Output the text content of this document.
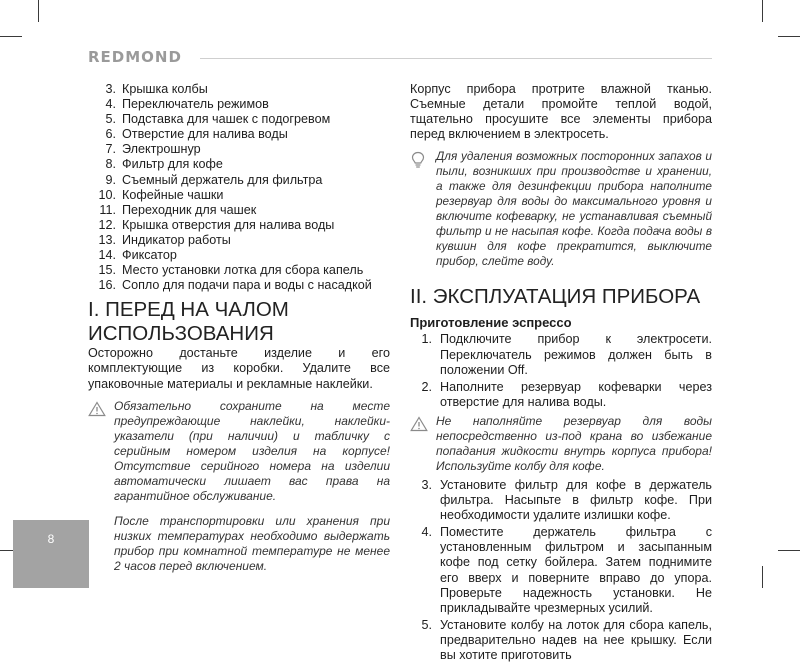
REDMOND
3. Крышка колбы
4. Переключатель режимов
5. Подставка для чашек с подогревом
6. Отверстие для налива воды
7. Электрошнур
8. Фильтр для кофе
9. Съемный держатель для фильтра
10. Кофейные чашки
11. Переходник для чашек
12. Крышка отверстия для налива воды
13. Индикатор работы
14. Фиксатор
15. Место установки лотка для сбора капель
16. Сопло для подачи пара и воды с насадкой
I. ПЕРЕД НА ЧАЛОМ
ИСПОЛЬЗОВАНИЯ
Осторожно достаньте изделие и его комплектующие из коробки. Удалите все упаковочные материалы и рекламные наклейки.

Обязательно сохраните на месте предупреждающие наклейки, наклейки-указатели (при наличии) и табличку с серийным номером изделия на корпусе! Отсутствие серийного номера на изделии автоматически лишает вас права на гарантийное обслуживание.

После транспортировки или хранения при низких температурах необходимо выдержать прибор при комнатной температуре не менее 2 часов перед включением.

Корпус прибора протрите влажной тканью. Съемные детали промойте теплой водой, тщательно просушите все элементы прибора перед включением в электросеть.
Для удаления возможных посторонних запахов и пыли, возникших при производстве и хранении, а также для дезинфекции прибора наполните резервуар для воды до максимального уровня и включите кофеварку, не устанавливая съемный фильтр и не насыпая кофе. Когда подача воды в кувшин для кофе прекратится, выключите прибор, слейте воду.
II. ЭКСПЛУАТАЦИЯ ПРИБОРА
Приготовление эспрессо
1. Подключите прибор к электросети. Переключатель режимов должен быть в положении Off.
2. Наполните резервуар кофеварки через отверстие для налива воды.
Не наполняйте резервуар для воды непосредственно из-под крана во избежание попадания жидкости внутрь корпуса прибора! Используйте колбу для кофе.
3. Установите фильтр для кофе в держатель фильтра. Насыпьте в фильтр кофе. При необходимости удалите излишки кофе.
4. Поместите держатель фильтра с установленным фильтром и засыпанным кофе под сетку бойлера. Затем поднимите его вверх и поверните вправо до упора. Проверьте надежность установки. Не прикладывайте чрезмерных усилий.
5. Установите колбу на лоток для сбора капель, предварительно надев на нее крышку. Если вы хотите приготовить
8
